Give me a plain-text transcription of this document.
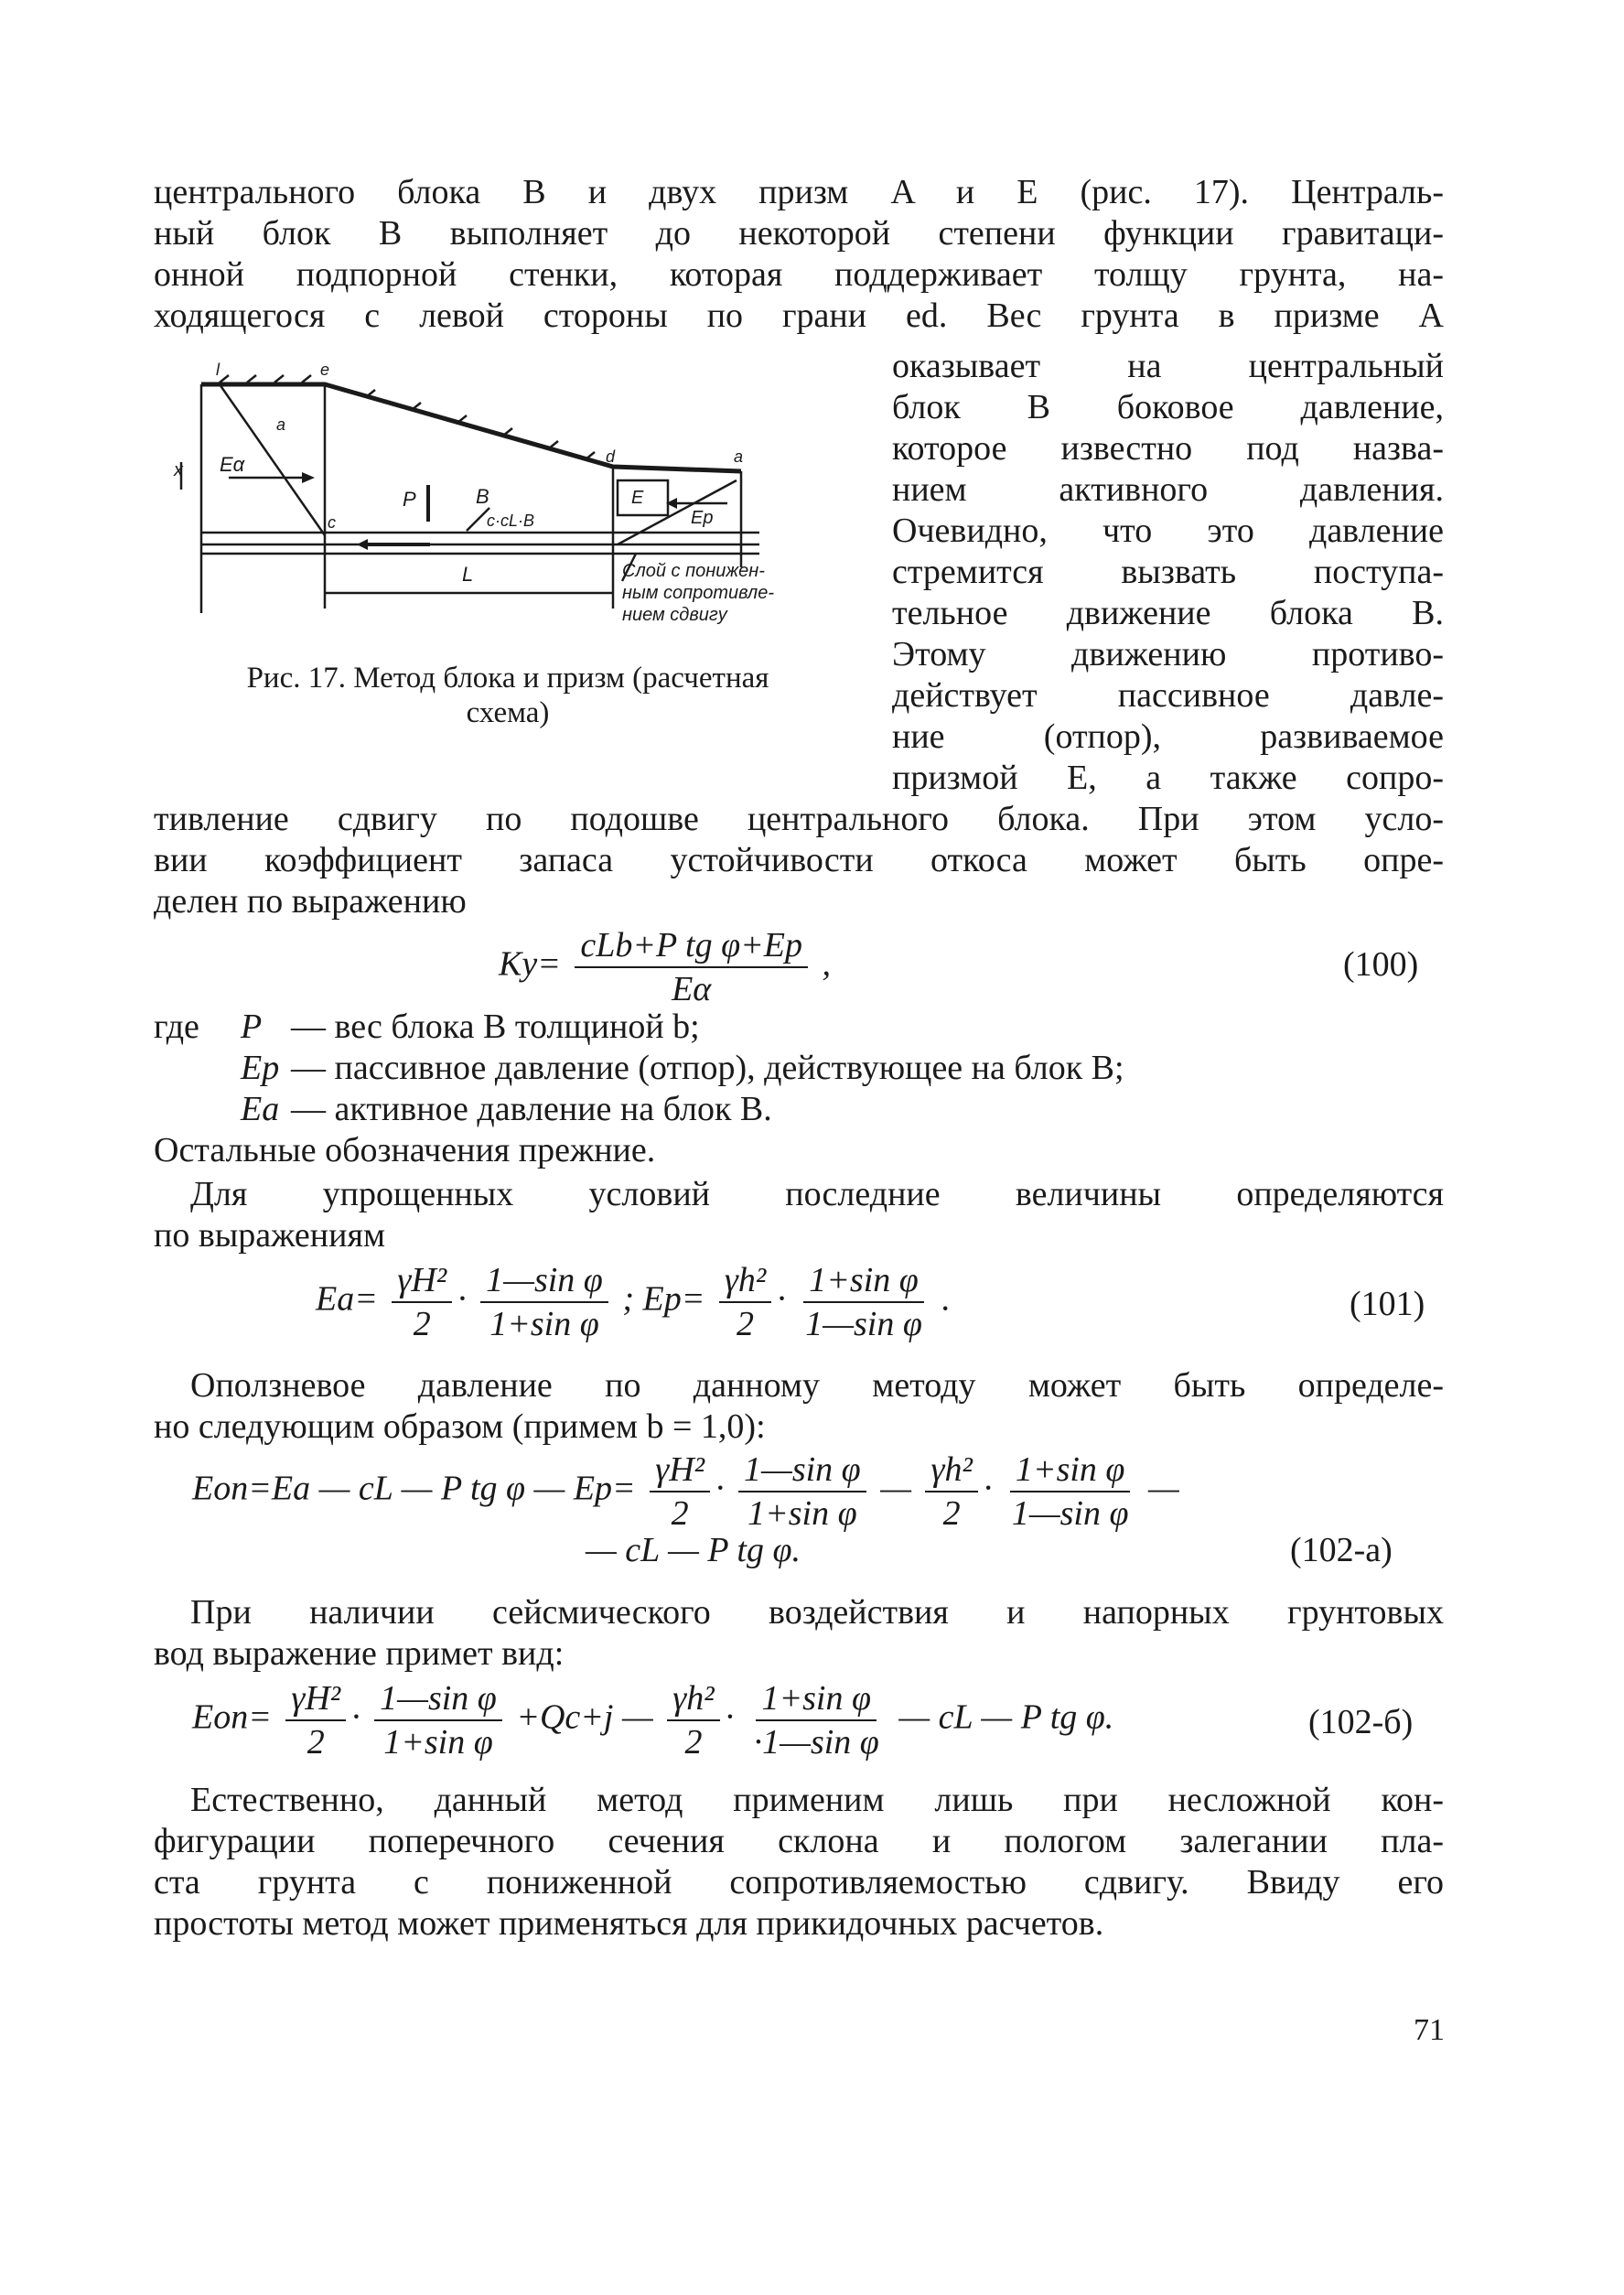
центрального блока B и двух призм A и E (рис. 17). Централь-
ный блок B выполняет до некоторой степени функции гравитаци-
онной подпорной стенки, которая поддерживает толщу грунта, на-
ходящегося с левой стороны по грани ed. Вес грунта в призме A
l	e
a
x Eα
P	B
c·cL·B
E
Ep
d	a
c
L	Слой с понижен-
ным сопротивле-
нием сдвигу
Рис. 17. Метод блока и призм (расчетная
схема)
оказывает на центральный
блок B боковое давление,
которое известно под назва-
нием активного давления.
Очевидно, что это давление
стремится вызвать поступа-
тельное движение блока B.
Этому движению противо-
действует пассивное давле-
ние (отпор), развиваемое
призмой E, а также сопро-
тивление сдвигу по подошве центрального блока. При этом усло-
вии коэффициент запаса устойчивости откоса может быть опре-
делен по выражению
$Kу= \frac{\text{cLb+P tg φ+Ep}}{E\alpha}$ ,	(100)
где P — вес блока B толщиной b;
Ep — пассивное давление (отпор), действующее на блок B;
Ea — активное давление на блок B.
Остальные обозначения прежние.
Для упрощенных условий последние величины определяются
по выражениям
$Ea= \frac{\text{γH²}}{2} \cdot \frac{\text{1—sin φ}}{\text{1+sin φ}}$ ; $Ep= \frac{\text{γh²}}{2} \cdot \frac{\text{1+sin φ}}{\text{1—sin φ}}$ .	(101)
Оползневое давление по данному методу может быть определе-
но следующим образом (примем b = 1,0):
Eоп=Ea — cL — P tg φ — $Ep= \frac{\text{γH²}}{2} \cdot \frac{\text{1—sin φ}}{\text{1+sin φ}}$ — $\frac{\text{γh²}}{2} \cdot \frac{\text{1+sin φ}}{\text{1—sin φ}}$ —
— cL — P tg φ.	(102-а)
При наличии сейсмического воздействия и напорных грунтовых
вод выражение примет вид:
$Eоп= \frac{\text{γH²}}{2} \cdot \frac{\text{1—sin φ}}{\text{1+sin φ}} +Qc+j$ — $\frac{\text{γh²}}{2} \cdot \frac{\text{1+sin φ}}{\text{·1—sin φ}}$ — cL — P tg φ.	(102-б)
Естественно, данный метод применим лишь при несложной кон-
фигурации поперечного сечения склона и пологом залегании пла-
ста грунта с пониженной сопротивляемостью сдвигу. Ввиду его
простоты метод может применяться для прикидочных расчетов.
71
